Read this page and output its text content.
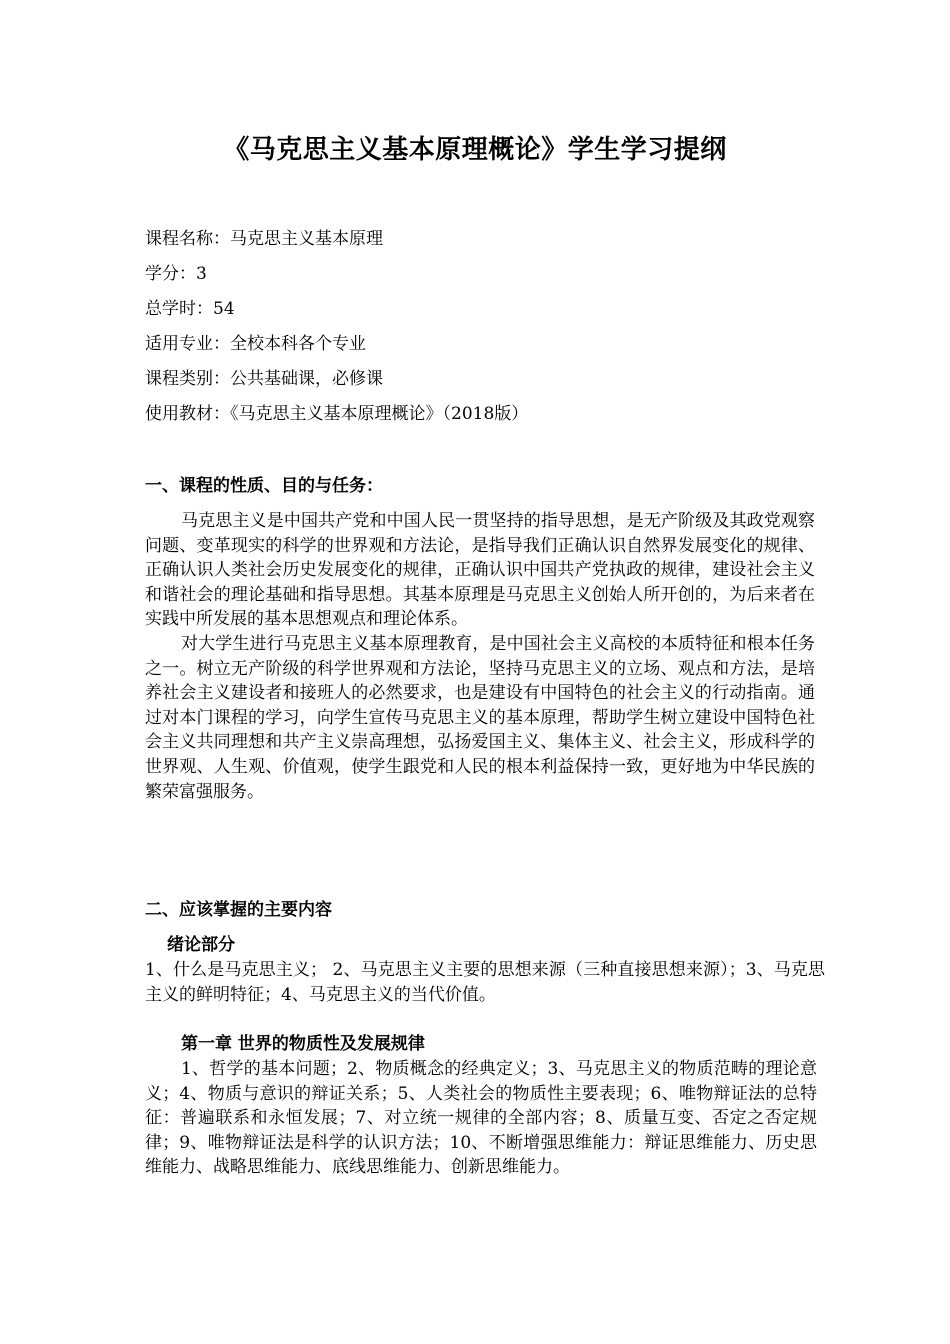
《马克思主义基本原理概论》学生学习提纲
课程名称：马克思主义基本原理
学分：3
总学时：54
适用专业：全校本科各个专业
课程类别：公共基础课，必修课
使用教材：《马克思主义基本原理概论》（2018版）
一、课程的性质、目的与任务：

马克思主义是中国共产党和中国人民一贯坚持的指导思想，是无产阶级及其政党观察问题、变革现实的科学的世界观和方法论，是指导我们正确认识自然界发展变化的规律、正确认识人类社会历史发展变化的规律，正确认识中国共产党执政的规律，建设社会主义和谐社会的理论基础和指导思想。其基本原理是马克思主义创始人所开创的，为后来者在实践中所发展的基本思想观点和理论体系。

对大学生进行马克思主义基本原理教育，是中国社会主义高校的本质特征和根本任务之一。树立无产阶级的科学世界观和方法论，坚持马克思主义的立场、观点和方法，是培养社会主义建设者和接班人的必然要求，也是建设有中国特色的社会主义的行动指南。通过对本门课程的学习，向学生宣传马克思主义的基本原理，帮助学生树立建设中国特色社会主义共同理想和共产主义崇高理想，弘扬爱国主义、集体主义、社会主义，形成科学的世界观、人生观、价值观，使学生跟党和人民的根本利益保持一致，更好地为中华民族的繁荣富强服务。

二、应该掌握的主要内容
绪论部分

1、什么是马克思主义； 2、马克思主义主要的思想来源（三种直接思想来源）；3、马克思主义的鲜明特征；4、马克思主义的当代价值。

第一章 世界的物质性及发展规律

1、哲学的基本问题；2、物质概念的经典定义；3、马克思主义的物质范畴的理论意义；4、物质与意识的辩证关系；5、人类社会的物质性主要表现；6、唯物辩证法的总特征：普遍联系和永恒发展；7、对立统一规律的全部内容；8、质量互变、否定之否定规律；9、唯物辩证法是科学的认识方法；10、不断增强思维能力：辩证思维能力、历史思维能力、战略思维能力、底线思维能力、创新思维能力。
